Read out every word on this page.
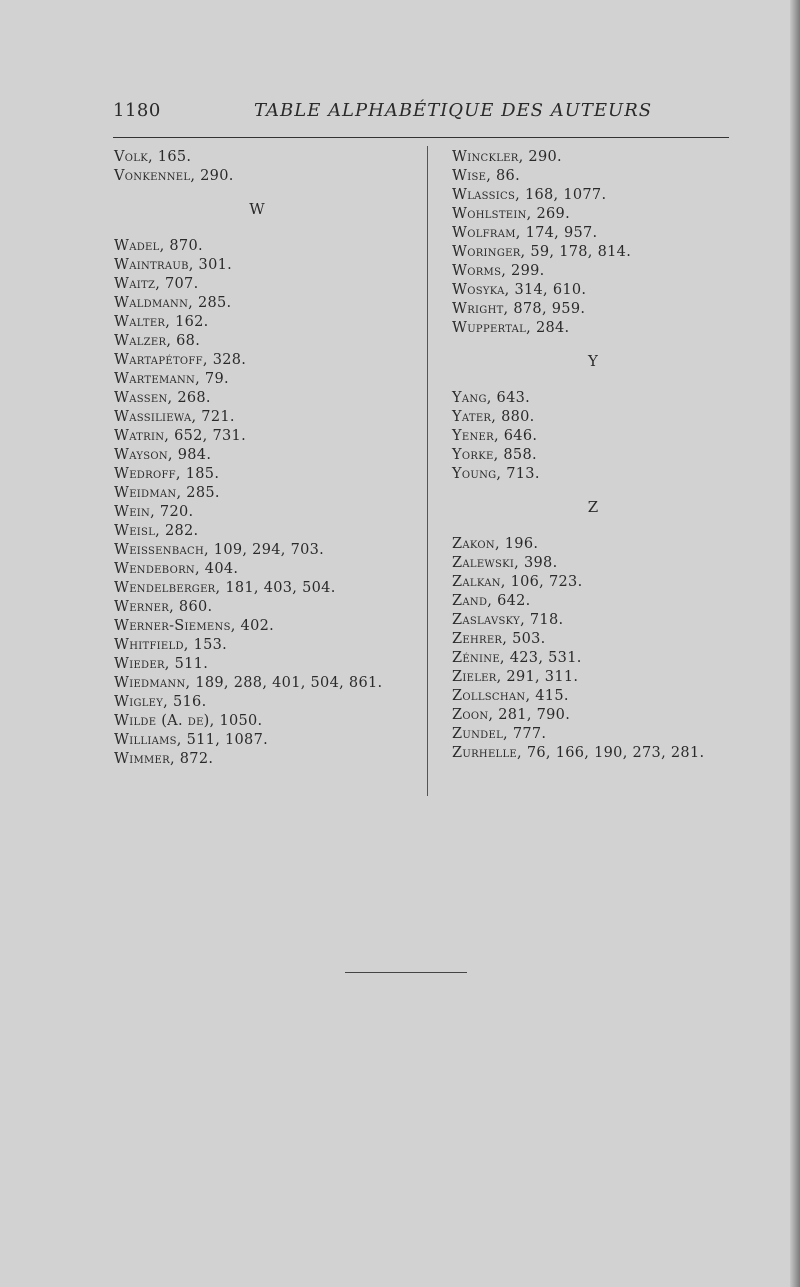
1180	TABLE ALPHABÉTIQUE DES AUTEURS
Volk, 165.
Vonkennel, 290.
W
Wadel, 870.
Waintraub, 301.
Waitz, 707.
Waldmann, 285.
Walter, 162.
Walzer, 68.
Wartapétoff, 328.
Wartemann, 79.
Wassen, 268.
Wassiliewa, 721.
Watrin, 652, 731.
Wayson, 984.
Wedroff, 185.
Weidman, 285.
Wein, 720.
Weisl, 282.
Weissenbach, 109, 294, 703.
Wendeborn, 404.
Wendelberger, 181, 403, 504.
Werner, 860.
Werner-Siemens, 402.
Whitfield, 153.
Wieder, 511.
Wiedmann, 189, 288, 401, 504, 861.
Wigley, 516.
Wilde (A. de), 1050.
Williams, 511, 1087.
Wimmer, 872.
Winckler, 290.
Wise, 86.
Wlassics, 168, 1077.
Wohlstein, 269.
Wolfram, 174, 957.
Woringer, 59, 178, 814.
Worms, 299.
Wosyka, 314, 610.
Wright, 878, 959.
Wuppertal, 284.
Y
Yang, 643.
Yater, 880.
Yener, 646.
Yorke, 858.
Young, 713.
Z
Zakon, 196.
Zalewski, 398.
Zalkan, 106, 723.
Zand, 642.
Zaslavsky, 718.
Zehrer, 503.
Zénine, 423, 531.
Zieler, 291, 311.
Zollschan, 415.
Zoon, 281, 790.
Zundel, 777.
Zurhelle, 76, 166, 190, 273, 281.
